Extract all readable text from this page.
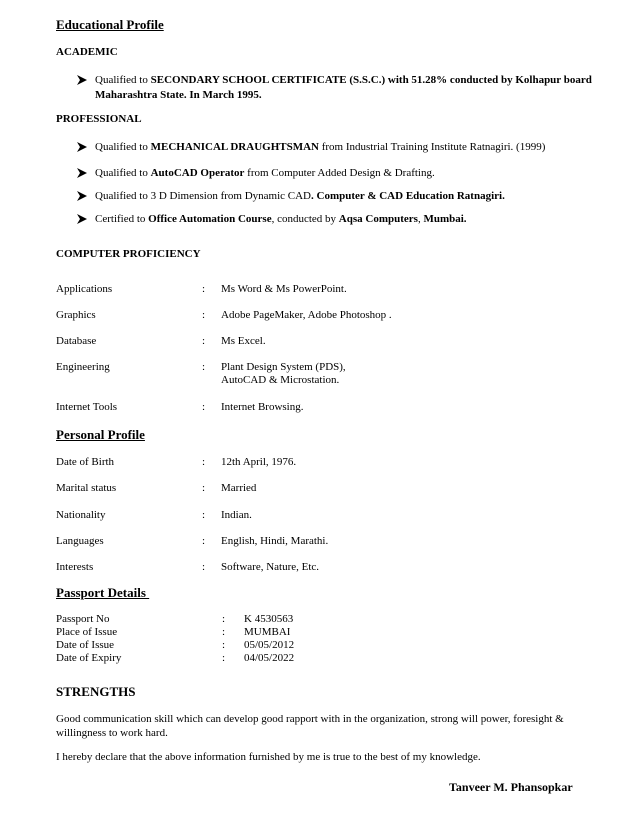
Educational Profile
ACADEMIC
Qualified to SECONDARY SCHOOL CERTIFICATE (S.S.C.) with 51.28% conducted by Kolhapur board Maharashtra State. In March 1995.
PROFESSIONAL
Qualified to MECHANICAL DRAUGHTSMAN from Industrial Training Institute Ratnagiri. (1999)
Qualified to AutoCAD Operator from Computer Added Design & Drafting.
Qualified to 3 D Dimension from Dynamic CAD. Computer & CAD Education Ratnagiri.
Certified to Office Automation Course, conducted by Aqsa Computers, Mumbai.
COMPUTER PROFICIENCY
Applications	: Ms Word & Ms PowerPoint.
Graphics	: Adobe PageMaker, Adobe Photoshop .
Database	: Ms Excel.
Engineering	: Plant Design System (PDS),
AutoCAD & Microstation.
Internet Tools	: Internet Browsing.
Personal Profile
Date of Birth	: 12th April, 1976.
Marital status	: Married
Nationality	: Indian.
Languages	: English, Hindi, Marathi.
Interests	: Software, Nature, Etc.
Passport Details
Passport No	: K 4530563
Place of Issue	: MUMBAI
Date of Issue	: 05/05/2012
Date of Expiry	: 04/05/2022
STRENGTHS
Good communication skill which can develop good rapport with in the organization, strong will power, foresight & willingness to work hard.
I hereby declare that the above information furnished by me is true to the best of my knowledge.
Tanveer M. Phansopkar
